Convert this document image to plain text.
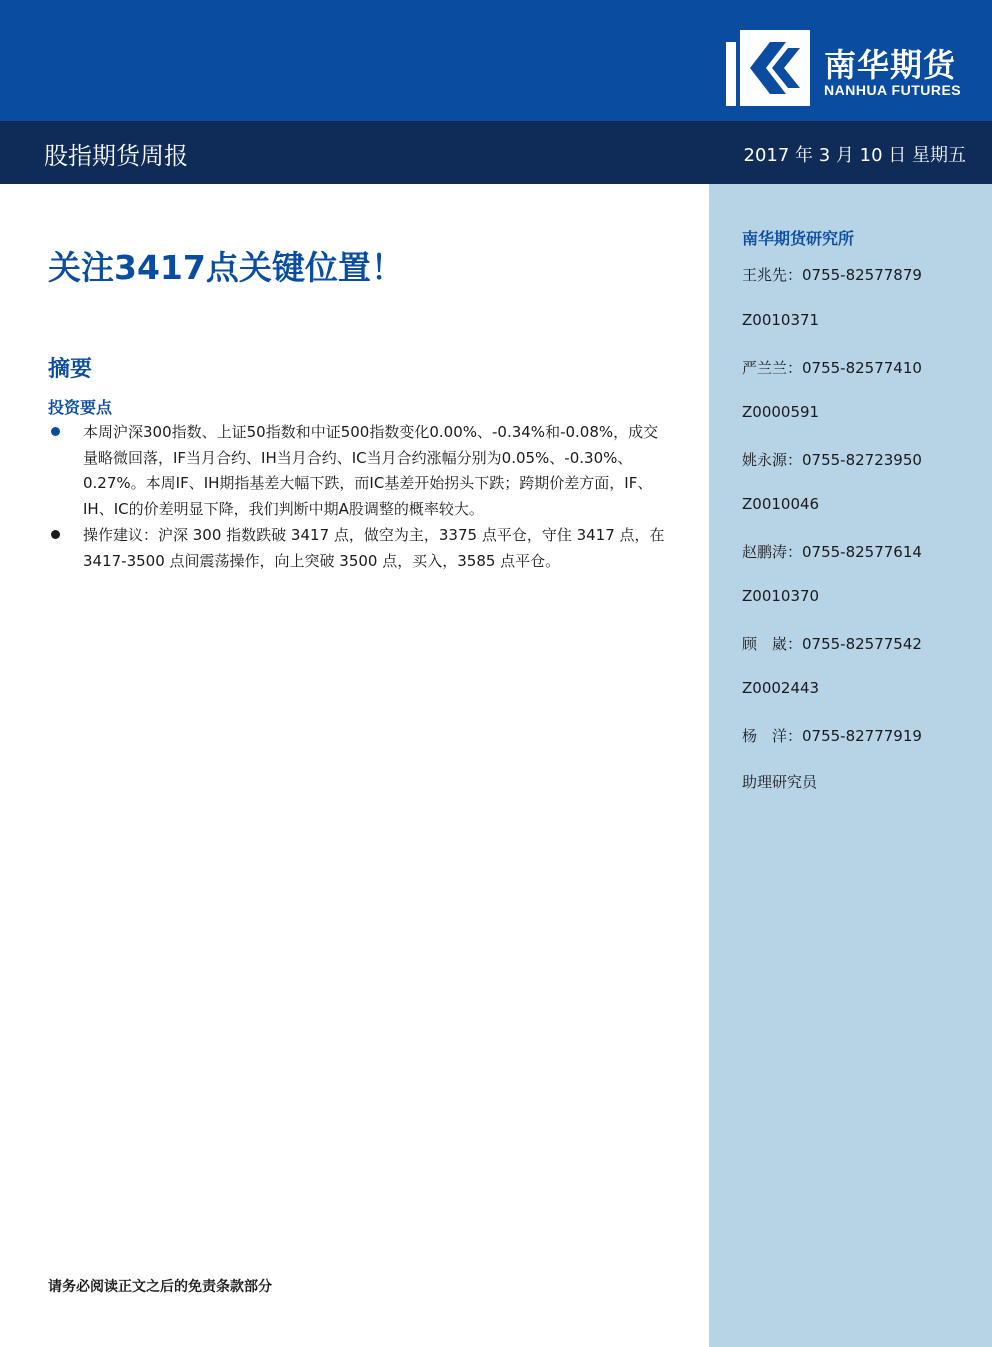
南华期货
NANHUA FUTURES
股指期货周报	2017 年 3 月 10 日 星期五
关注3417点关键位置！
摘要
投资要点
本周沪深300指数、上证50指数和中证500指数变化0.00%、-0.34%和-0.08%，成交量略微回落，IF当月合约、IH当月合约、IC当月合约涨幅分别为0.05%、-0.30%、0.27%。本周IF、IH期指基差大幅下跌，而IC基差开始拐头下跌；跨期价差方面，IF、IH、IC的价差明显下降，我们判断中期A股调整的概率较大。
操作建议：沪深 300 指数跌破 3417 点，做空为主，3375 点平仓，守住 3417 点，在 3417-3500 点间震荡操作，向上突破 3500 点，买入，3585 点平仓。
南华期货研究所
王兆先：0755-82577879
Z0010371
严兰兰：0755-82577410
Z0000591
姚永源：0755-82723950
Z0010046
赵鹏涛：0755-82577614
Z0010370
顾　崴：0755-82577542
Z0002443
杨　洋：0755-82777919
助理研究员
请务必阅读正文之后的免责条款部分
